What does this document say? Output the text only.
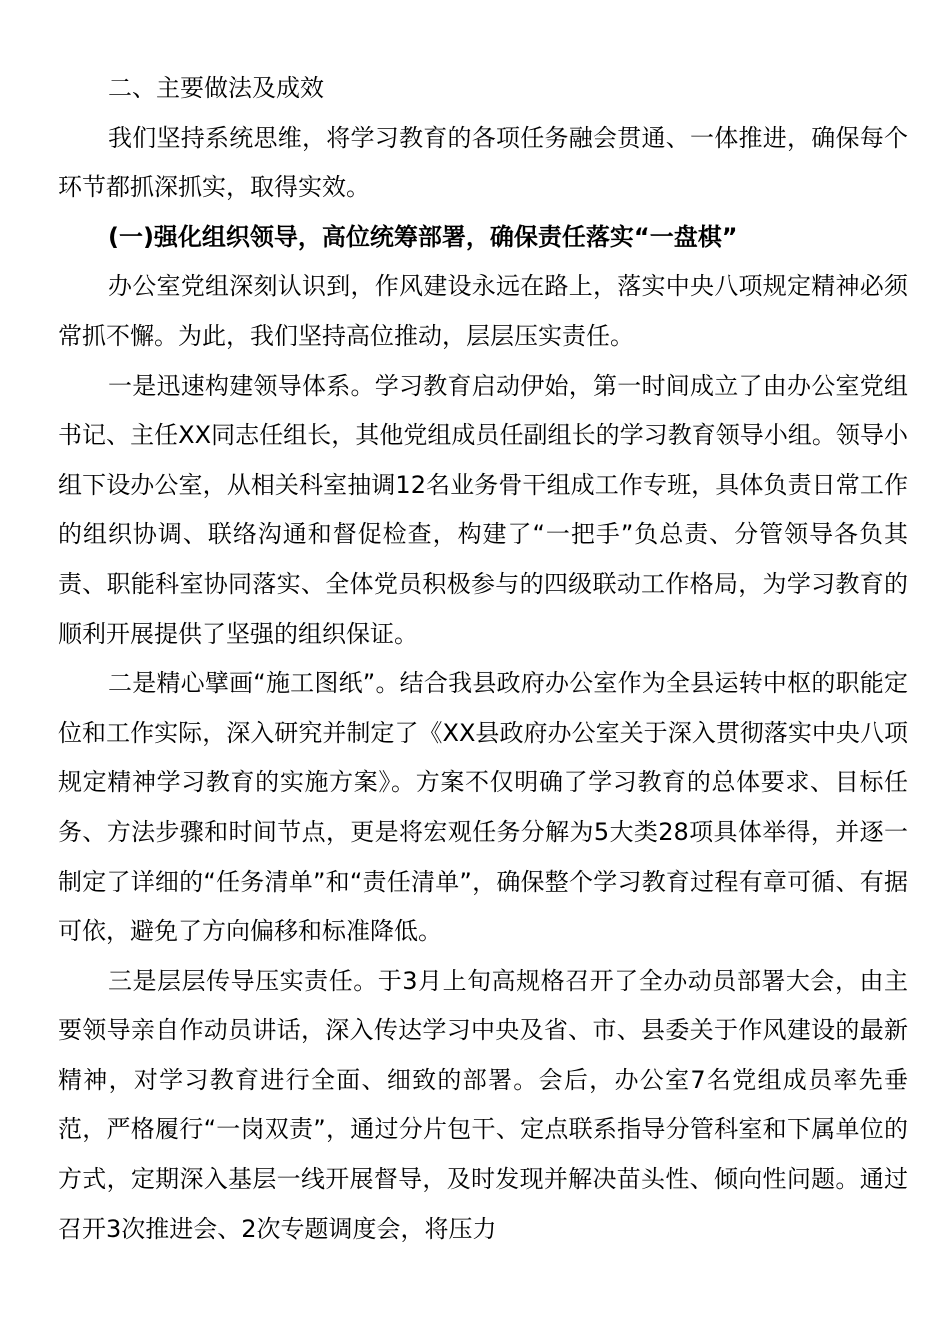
二、主要做法及成效

我们坚持系统思维，将学习教育的各项任务融会贯通、一体推进，确保每个环节都抓深抓实，取得实效。

(一)强化组织领导，高位统筹部署，确保责任落实“一盘棋”

办公室党组深刻认识到，作风建设永远在路上，落实中央八项规定精神必须常抓不懈。为此，我们坚持高位推动，层层压实责任。

一是迅速构建领导体系。学习教育启动伊始，第一时间成立了由办公室党组书记、主任XX同志任组长，其他党组成员任副组长的学习教育领导小组。领导小组下设办公室，从相关科室抽调12名业务骨干组成工作专班，具体负责日常工作的组织协调、联络沟通和督促检查，构建了“一把手”负总责、分管领导各负其责、职能科室协同落实、全体党员积极参与的四级联动工作格局，为学习教育的顺利开展提供了坚强的组织保证。

二是精心擘画“施工图纸”。结合我县政府办公室作为全县运转中枢的职能定位和工作实际，深入研究并制定了《XX县政府办公室关于深入贯彻落实中央八项规定精神学习教育的实施方案》。方案不仅明确了学习教育的总体要求、目标任务、方法步骤和时间节点，更是将宏观任务分解为5大类28项具体举得，并逐一制定了详细的“任务清单”和“责任清单”，确保整个学习教育过程有章可循、有据可依，避免了方向偏移和标准降低。

三是层层传导压实责任。于3月上旬高规格召开了全办动员部署大会，由主要领导亲自作动员讲话，深入传达学习中央及省、市、县委关于作风建设的最新精神，对学习教育进行全面、细致的部署。会后，办公室7名党组成员率先垂范，严格履行“一岗双责”，通过分片包干、定点联系指导分管科室和下属单位的方式，定期深入基层一线开展督导，及时发现并解决苗头性、倾向性问题。通过召开3次推进会、2次专题调度会，将压力
